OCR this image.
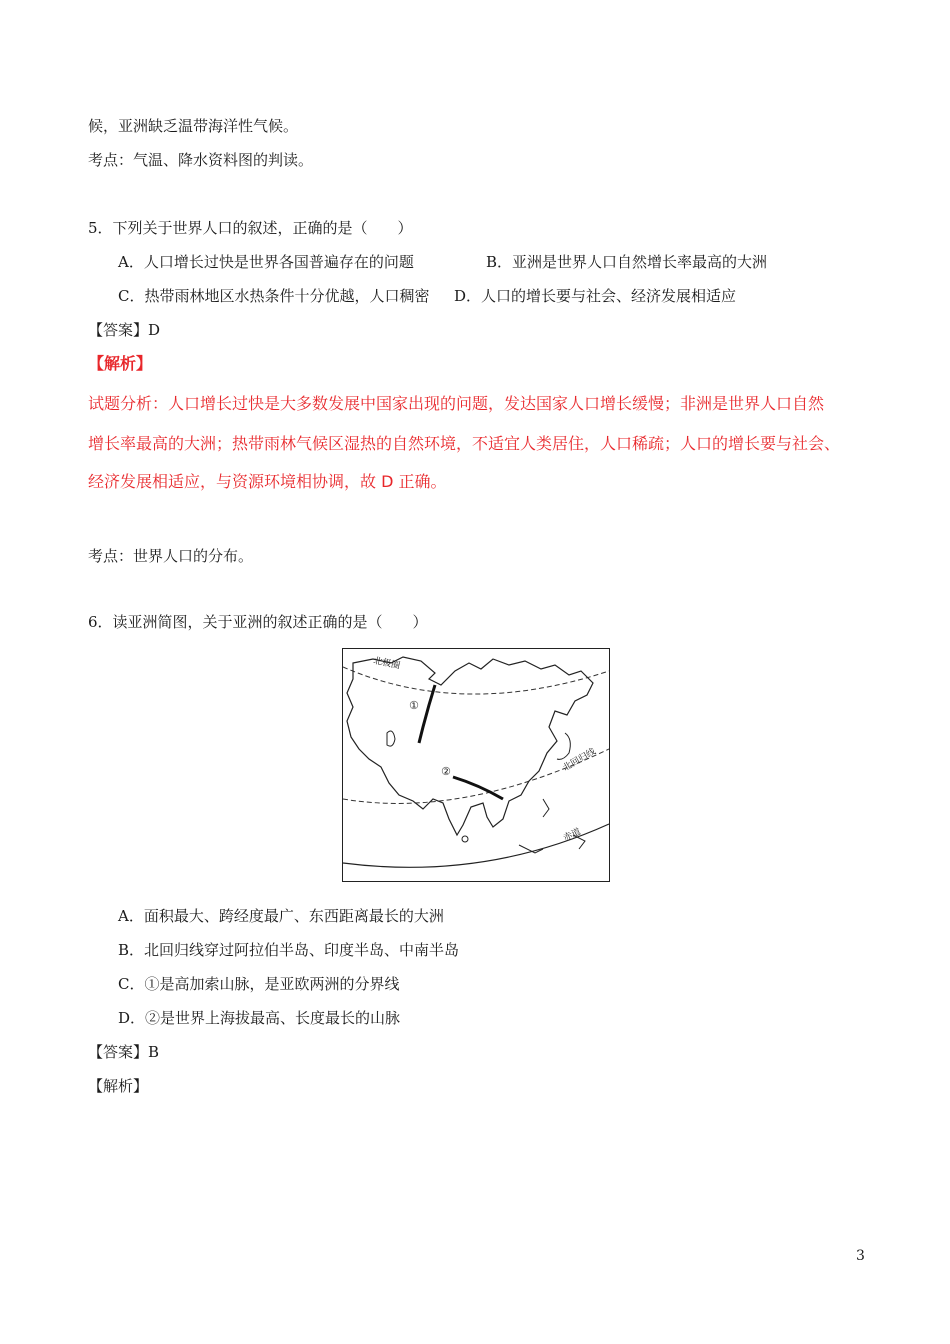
候，亚洲缺乏温带海洋性气候。
考点：气温、降水资料图的判读。
5．下列关于世界人口的叙述，正确的是（　　）
A．人口增长过快是世界各国普遍存在的问题	B．亚洲是世界人口自然增长率最高的大洲
C．热带雨林地区水热条件十分优越，人口稠密 D．人口的增长要与社会、经济发展相适应
【答案】D
【解析】
试题分析：人口增长过快是大多数发展中国家出现的问题，发达国家人口增长缓慢；非洲是世界人口自然
增长率最高的大洲；热带雨林气候区湿热的自然环境，不适宜人类居住，人口稀疏；人口的增长要与社会、
经济发展相适应，与资源环境相协调，故 D 正确。
考点：世界人口的分布。
6．读亚洲简图，关于亚洲的叙述正确的是（　　）
北极圈
北回归线
赤道
①
②
A．面积最大、跨经度最广、东西距离最长的大洲
B．北回归线穿过阿拉伯半岛、印度半岛、中南半岛
C．①是高加索山脉，是亚欧两洲的分界线
D．②是世界上海拔最高、长度最长的山脉
【答案】B
【解析】
3
